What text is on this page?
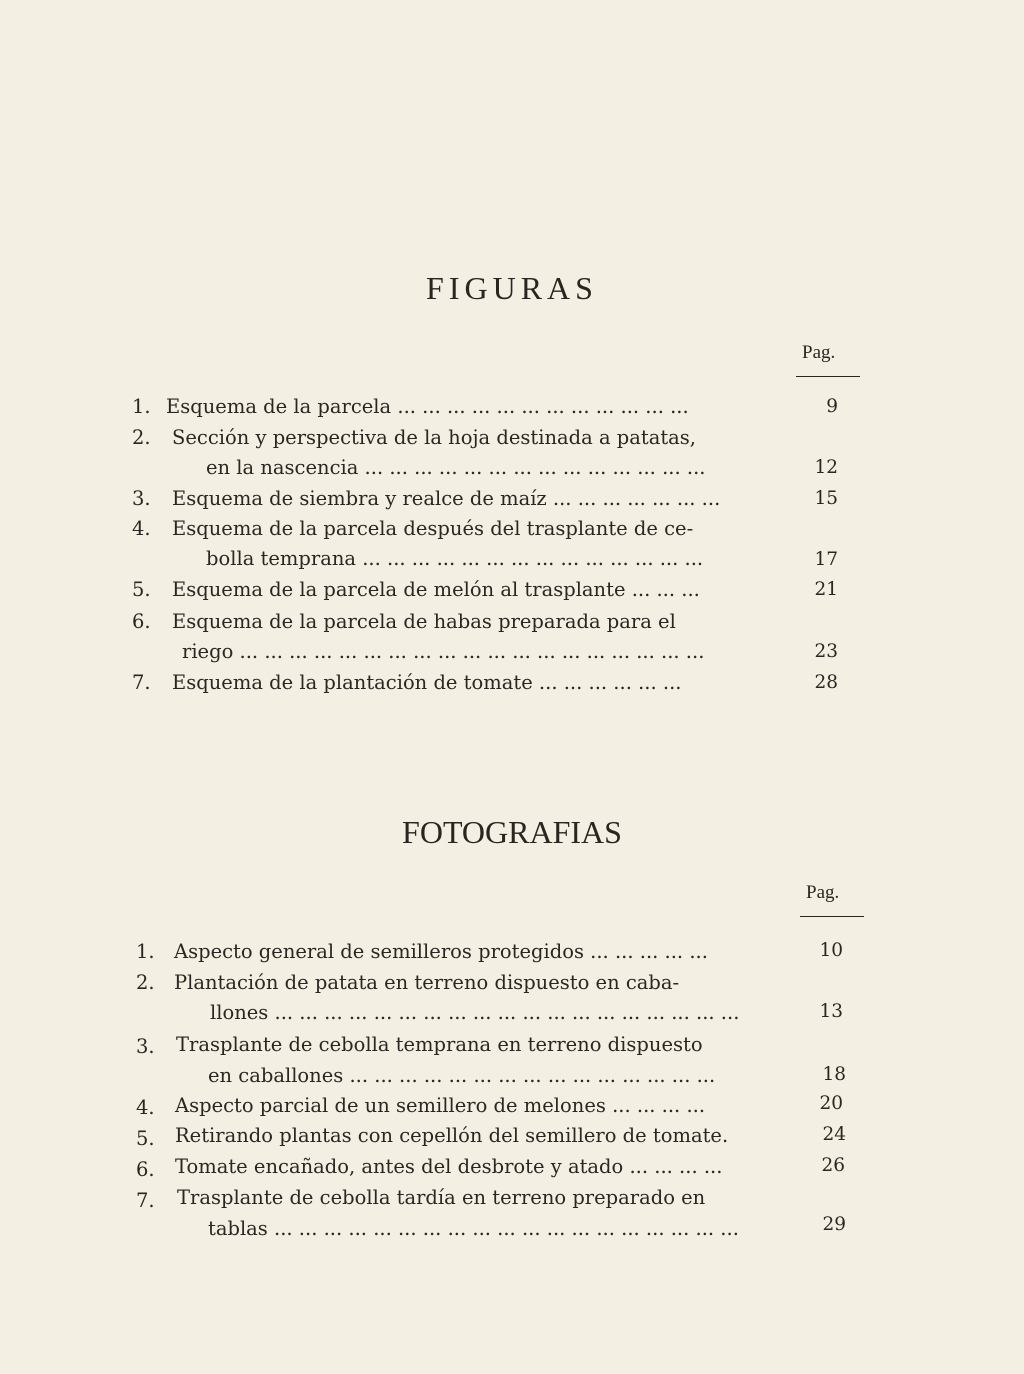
FIGURAS
Pag.
1. Esquema de la parcela ... ... ... ... ... ... ... ... ... ... ... ...	9
2.	Sección y perspectiva de la hoja destinada a patatas,
en la nascencia ... ... ... ... ... ... ... ... ... ... ... ... ... ...	12
3.	Esquema de siembra y realce de maíz ... ... ... ... ... ... ...	15
4.	Esquema de la parcela después del trasplante de ce-
bolla temprana ... ... ... ... ... ... ... ... ... ... ... ... ... ...	17
5.	Esquema de la parcela de melón al trasplante ... ... ...	21
6.	Esquema de la parcela de habas preparada para el
riego ... ... ... ... ... ... ... ... ... ... ... ... ... ... ... ... ... ... ...	23
7.	Esquema de la plantación de tomate ... ... ... ... ... ...	28
FOTOGRAFIAS
Pag.
1. Aspecto general de semilleros protegidos ... ... ... ... ...	10
2. Plantación de patata en terreno dispuesto en caba-
llones ... ... ... ... ... ... ... ... ... ... ... ... ... ... ... ... ... ... ...	13
3.	Trasplante de cebolla temprana en terreno dispuesto
en caballones ... ... ... ... ... ... ... ... ... ... ... ... ... ... ...	18
4.	Aspecto parcial de un semillero de melones ... ... ... ...	20
5.	Retirando plantas con cepellón del semillero de tomate.	24
6.	Tomate encañado, antes del desbrote y atado ... ... ... ...	26
7.	Trasplante de cebolla tardía en terreno preparado en
tablas ... ... ... ... ... ... ... ... ... ... ... ... ... ... ... ... ... ... ...	29
